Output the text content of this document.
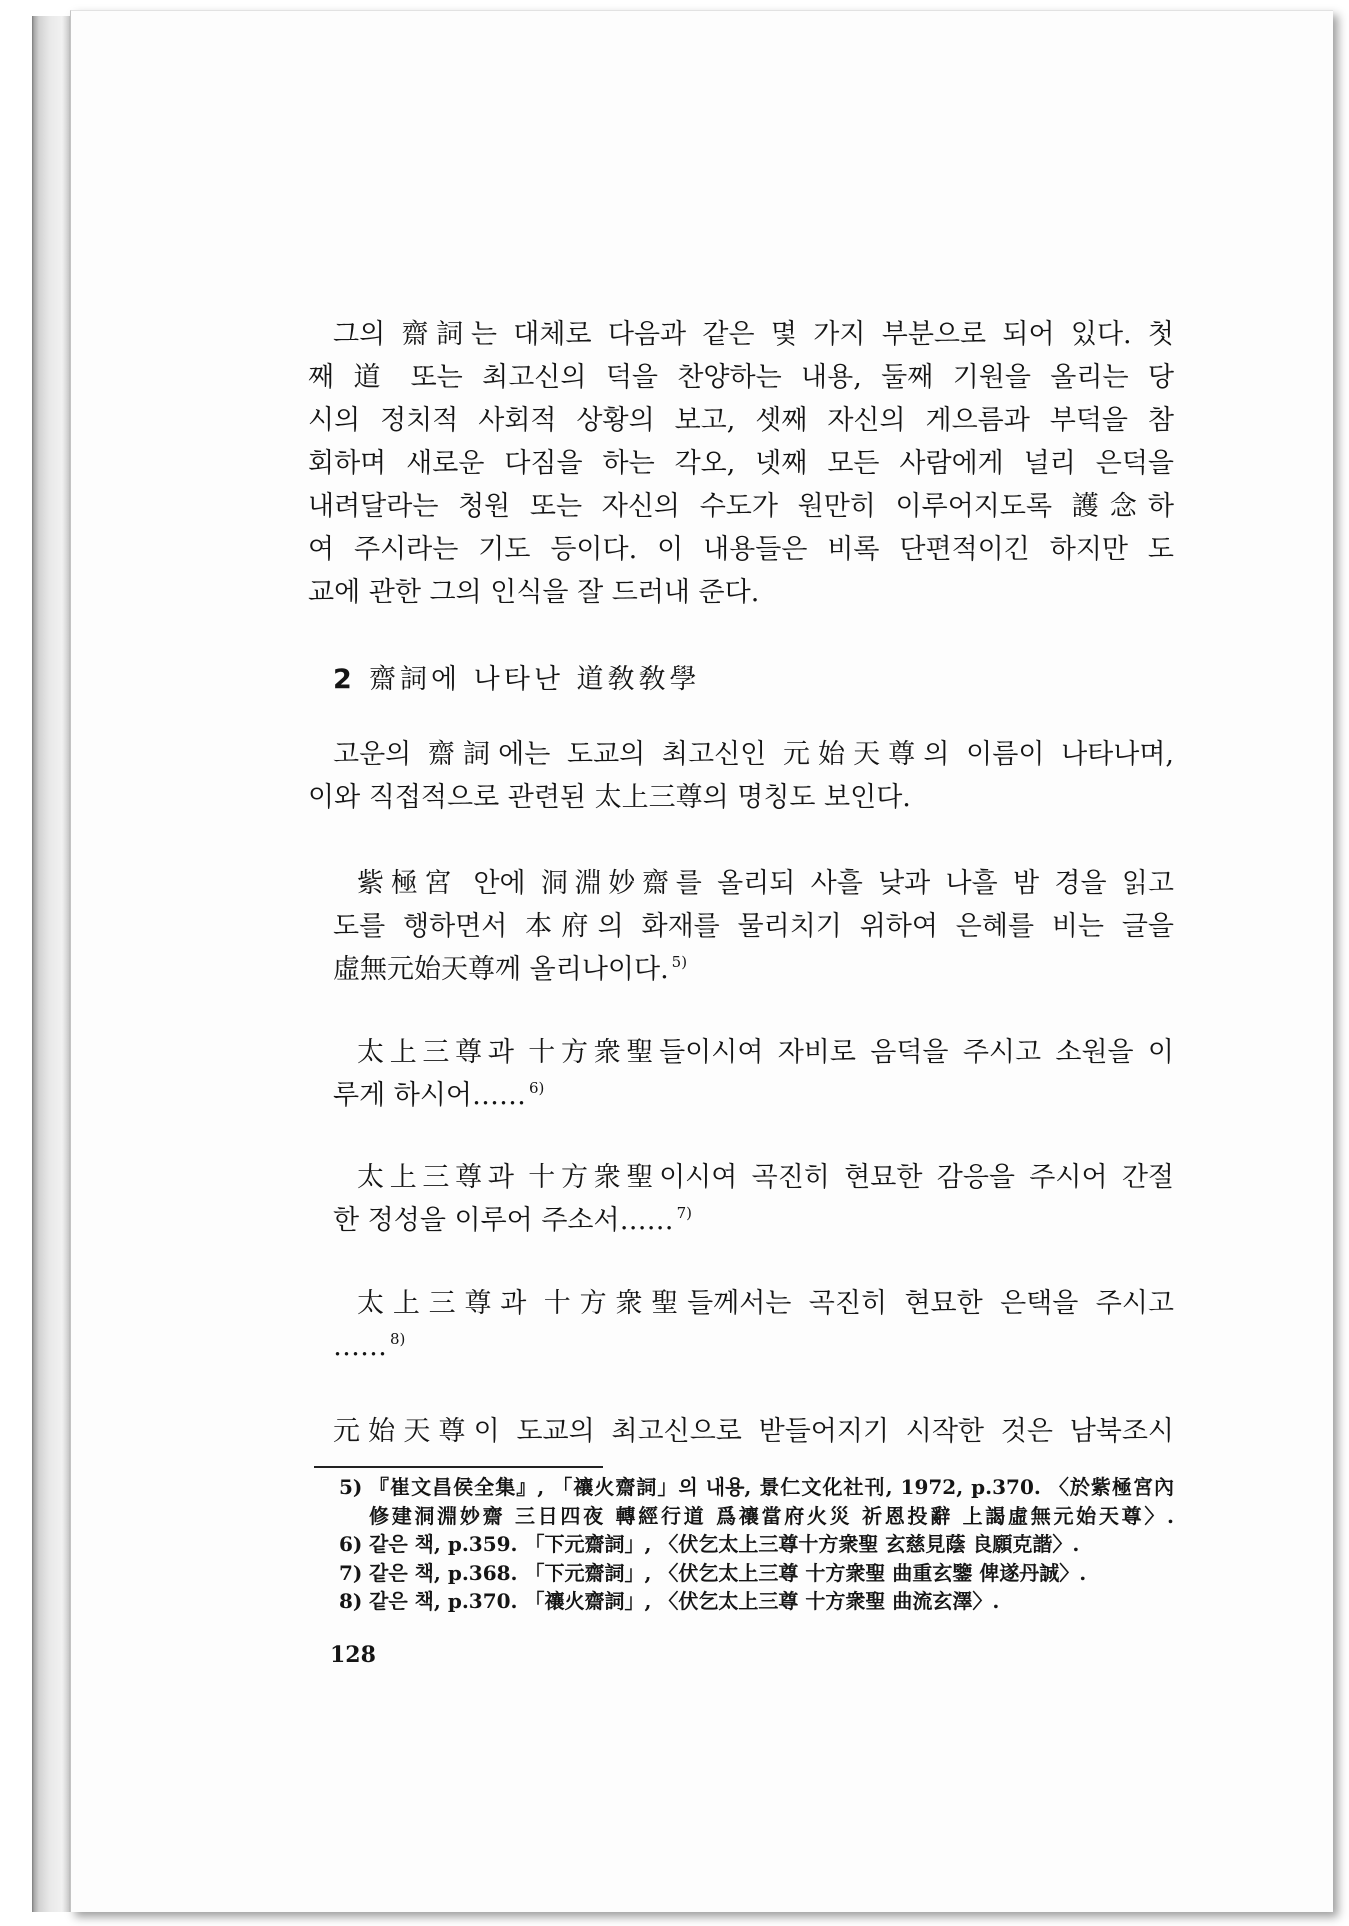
그의 齋詞는 대체로 다음과 같은 몇 가지 부분으로 되어 있다. 첫
째 道 또는 최고신의 덕을 찬양하는 내용, 둘째 기원을 올리는 당
시의 정치적 사회적 상황의 보고, 셋째 자신의 게으름과 부덕을 참
회하며 새로운 다짐을 하는 각오, 넷째 모든 사람에게 널리 은덕을
내려달라는 청원 또는 자신의 수도가 원만히 이루어지도록 護念하
여 주시라는 기도 등이다. 이 내용들은 비록 단편적이긴 하지만 도
교에 관한 그의 인식을 잘 드러내 준다.
2 齋詞에 나타난 道敎敎學
고운의 齋詞에는 도교의 최고신인 元始天尊의 이름이 나타나며,
이와 직접적으로 관련된 太上三尊의 명칭도 보인다.
紫極宮 안에 洞淵妙齋를 올리되 사흘 낮과 나흘 밤 경을 읽고
도를 행하면서 本府의 화재를 물리치기 위하여 은혜를 비는 글을
虛無元始天尊께 올리나이다. $^{5)}$
太上三尊과 十方衆聖들이시여 자비로 음덕을 주시고 소원을 이
루게 하시어…… $^{6)}$
太上三尊과 十方衆聖이시여 곡진히 현묘한 감응을 주시어 간절
한 정성을 이루어 주소서…… $^{7)}$
太上三尊과 十方衆聖들께서는 곡진히 현묘한 은택을 주시고
…… $^{8)}$
元始天尊이 도교의 최고신으로 받들어지기 시작한 것은 남북조시
5) 『崔文昌侯全集』, 「禳火齋詞」의 내용, 景仁文化社刊, 1972, p.370. 〈於紫極宮內
修建洞淵妙齋 三日四夜 轉經行道 爲禳當府火災 祈恩投辭 上謁虛無元始天尊〉.
6) 같은 책, p.359. 「下元齋詞」, 〈伏乞太上三尊十方衆聖 玄慈見蔭 良願克諧〉.
7) 같은 책, p.368. 「下元齋詞」, 〈伏乞太上三尊 十方衆聖 曲重玄鑒 俾遂丹誠〉.
8) 같은 책, p.370. 「禳火齋詞」, 〈伏乞太上三尊 十方衆聖 曲流玄澤〉.
128
